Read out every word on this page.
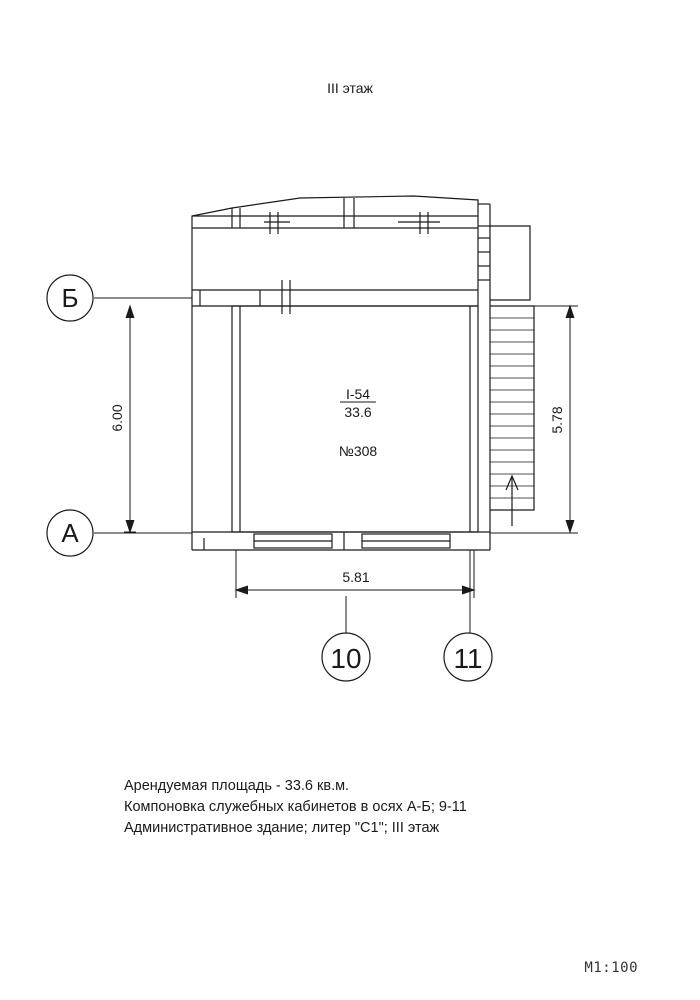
III этаж
Б
А
10	11
6.00	5.78
5.81
I-54
33.6
№308
Арендуемая площадь - 33.6 кв.м.
Компоновка служебных кабинетов в осях А-Б; 9-11
Административное здание; литер "С1"; III этаж
M1:100
